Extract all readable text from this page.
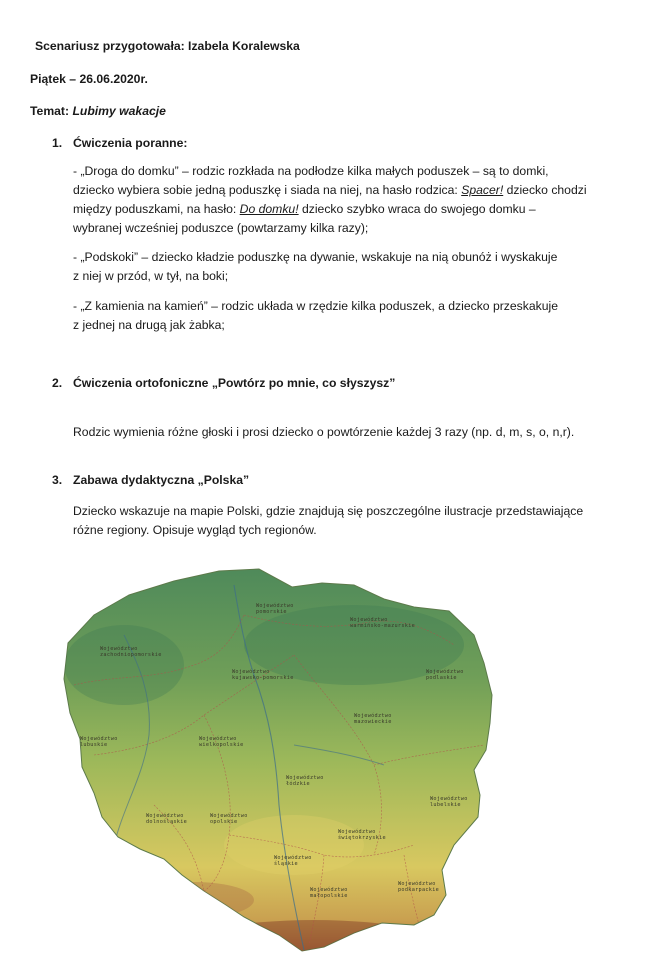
Scenariusz przygotowała: Izabela Koralewska
Piątek – 26.06.2020r.
Temat: Lubimy wakacje
1. Ćwiczenia poranne:
- „Droga do domku” – rodzic rozkłada na podłodze kilka małych poduszek – są to domki,
dziecko wybiera sobie jedną poduszkę i siada na niej, na hasło rodzica: Spacer! dziecko chodzi
między poduszkami, na hasło: Do domku! dziecko szybko wraca do swojego domku –
wybranej wcześniej poduszce (powtarzamy kilka razy);
- „Podskoki” – dziecko kładzie poduszkę na dywanie, wskakuje na nią obunóż i wyskakuje
z niej w przód, w tył, na boki;
- „Z kamienia na kamień” – rodzic układa w rzędzie kilka poduszek, a dziecko przeskakuje
z jednej na drugą jak żabka;
2. Ćwiczenia ortofoniczne „Powtórz po mnie, co słyszysz”
Rodzic wymienia różne głoski i prosi dziecko o powtórzenie każdej 3 razy (np. d, m, s, o, n,r).
3. Zabawa dydaktyczna „Polska”
Dziecko wskazuje na mapie Polski, gdzie znajdują się poszczególne ilustracje przedstawiające
różne regiony. Opisuje wygląd tych regionów.
Województwo pomorskie
Województwo warmińsko-mazurskie
Województwo zachodniopomorskie
Województwo kujawsko-pomorskie
Województwo podlaskie
Województwo mazowieckie
Województwo lubuskie
Województwo wielkopolskie
Województwo łódzkie
Województwo lubelskie
Województwo dolnośląskie
Województwo opolskie
Województwo świętokrzyskie
Województwo śląskie
Województwo małopolskie
Województwo podkarpackie
